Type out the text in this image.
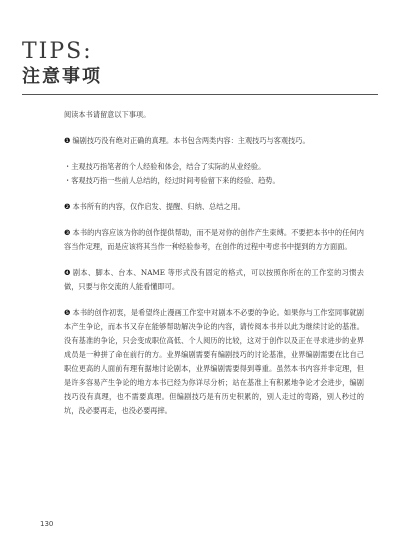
TIPS:
注意事项

阅读本书请留意以下事项。

❶ 编剧技巧没有绝对正确的真理。本书包含两类内容：主观技巧与客观技巧。

・主观技巧指笔者的个人经验和体会，结合了实际的从业经验。

・客观技巧指一些前人总结的，经过时间考验留下来的经验、趋势。

❷ 本书所有的内容，仅作启发、提醒、归纳、总结之用。

❸ 本书的内容应该为你的创作提供帮助，而不是对你的创作产生束缚。不要把本书中的任何内容当作定理，而是应该将其当作一种经验参考，在创作的过程中考虑书中提到的方方面面。

❹ 剧本、脚本、台本、NAME 等形式没有固定的格式，可以按照你所在的工作室的习惯去做，只要与你交流的人能看懂即可。

❺ 本书的创作初衷，是希望终止漫画工作室中对剧本不必要的争论。如果你与工作室同事就剧本产生争论，而本书又存在能够帮助解决争论的内容，请传阅本书并以此为继续讨论的基准。没有基准的争论，只会变成职位高低、个人阅历的比较，这对于创作以及正在寻求进步的业界成员是一种拼了命在前行的方。业界编剧需要有编剧技巧的讨论基准，业界编剧需要在比自己职位更高的人面前有理有据地讨论剧本，业界编剧需要得到尊重。虽然本书内容并非定理，但是许多容易产生争论的地方本书已经为你详尽分析；站在基准上有积累地争论才会进步，编剧技巧没有真理，也不需要真理。但编剧技巧是有历史积累的，别人走过的弯路，别人秒过的坑，没必要再走，也没必要再摔。

130
